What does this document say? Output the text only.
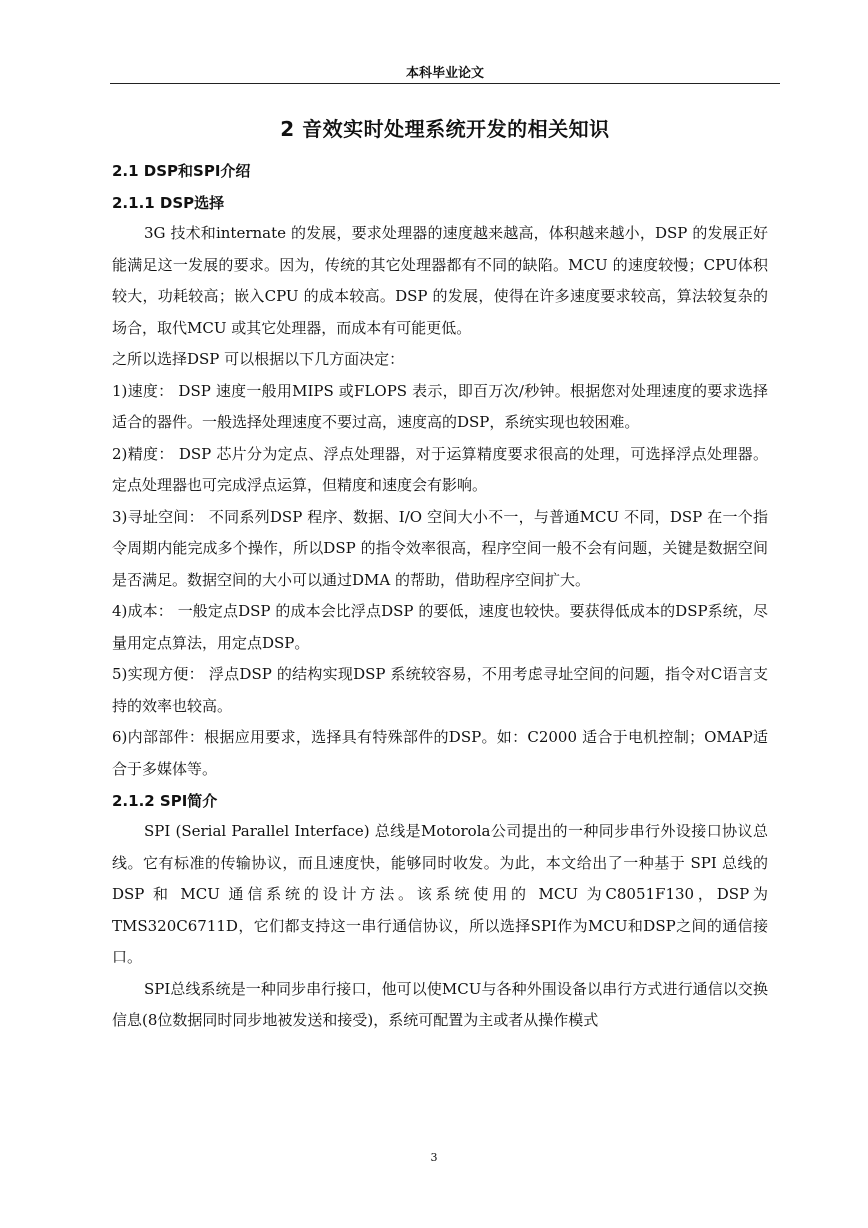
本科毕业论文
2 音效实时处理系统开发的相关知识
2.1 DSP和SPI介绍
2.1.1 DSP选择

3G 技术和internate 的发展，要求处理器的速度越来越高，体积越来越小，DSP 的发展正好能满足这一发展的要求。因为，传统的其它处理器都有不同的缺陷。MCU 的速度较慢；CPU体积较大，功耗较高；嵌入CPU 的成本较高。DSP 的发展，使得在许多速度要求较高，算法较复杂的场合，取代MCU 或其它处理器，而成本有可能更低。

之所以选择DSP 可以根据以下几方面决定：

1)速度： DSP 速度一般用MIPS 或FLOPS 表示，即百万次/秒钟。根据您对处理速度的要求选择适合的器件。一般选择处理速度不要过高，速度高的DSP，系统实现也较困难。

2)精度： DSP 芯片分为定点、浮点处理器，对于运算精度要求很高的处理，可选择浮点处理器。定点处理器也可完成浮点运算，但精度和速度会有影响。

3)寻址空间： 不同系列DSP 程序、数据、I/O 空间大小不一，与普通MCU 不同，DSP 在一个指令周期内能完成多个操作，所以DSP 的指令效率很高，程序空间一般不会有问题，关键是数据空间是否满足。数据空间的大小可以通过DMA 的帮助，借助程序空间扩大。

4)成本： 一般定点DSP 的成本会比浮点DSP 的要低，速度也较快。要获得低成本的DSP系统，尽量用定点算法，用定点DSP。

5)实现方便： 浮点DSP 的结构实现DSP 系统较容易，不用考虑寻址空间的问题，指令对C语言支持的效率也较高。

6)内部部件：根据应用要求，选择具有特殊部件的DSP。如：C2000 适合于电机控制；OMAP适合于多媒体等。

2.1.2 SPI简介

SPI (Serial Parallel Interface) 总线是Motorola公司提出的一种同步串行外设接口协议总线。它有标准的传输协议，而且速度快，能够同时收发。为此，本文给出了一种基于 SPI 总线的 DSP 和 MCU 通信系统的设计方法。该系统使用的 MCU 为C8051F130，DSP为TMS320C6711D，它们都支持这一串行通信协议，所以选择SPI作为MCU和DSP之间的通信接口。

SPI总线系统是一种同步串行接口，他可以使MCU与各种外围设备以串行方式进行通信以交换信息(8位数据同时同步地被发送和接受)，系统可配置为主或者从操作模式

3
